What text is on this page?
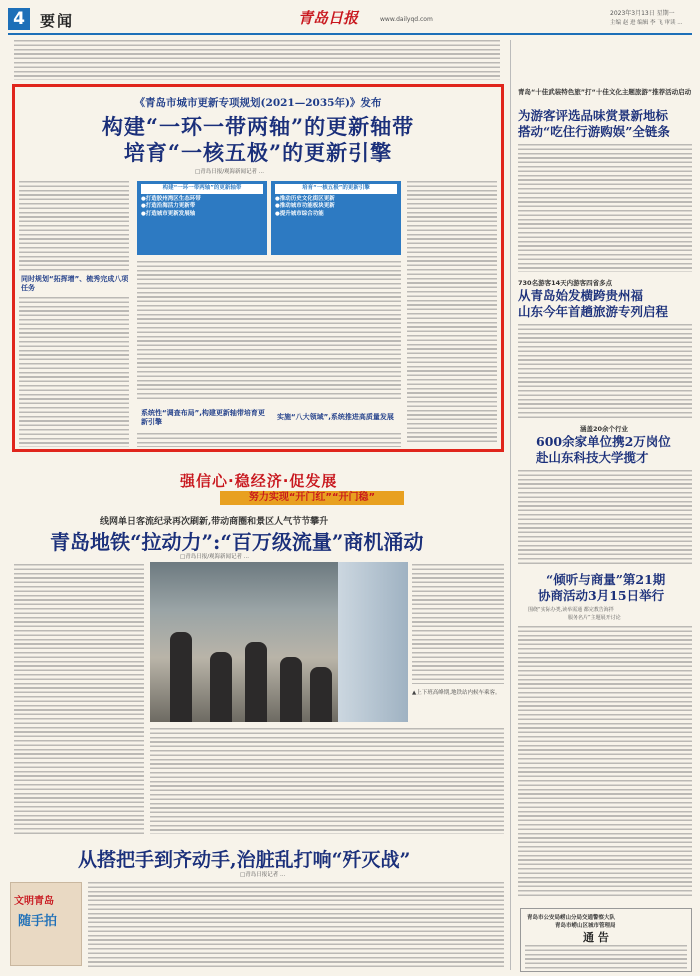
4	要闻	青岛日报	www.dailyqd.com
2023年3月13日 星期一
主编 赵 进 编辑 李 飞 审读 ...
《青岛市城市更新专项规划(2021—2035年)》发布
构建“一环一带两轴”的更新轴带
培育“一核五极”的更新引擎
□青岛日报/观海新闻记者 ...
同时规划“拓挥增”、梳秀完成八项任务
构建“一环一带两轴”的更新轴带
●打造胶州湾区生态环带
●打造沿海活力更新带
●打造城市更新发展轴
培育“一核五极”的更新引擎
●推动历史文化街区更新
●推动城市功能板块更新
●提升城市综合功能
系统性“调查布局”,构建更新轴带培育更新引擎
实施“八大领域”,系统推进高质量发展
强信心·稳经济·促发展
努力实现“开门红”“开门稳”
线网单日客流纪录再次刷新,带动商圈和景区人气节节攀升
青岛地铁“拉动力”:“百万级流量”商机涌动
□青岛日报/观海新闻记者 ...
▲上下班高峰期,地铁站内候车乘客。
从搭把手到齐动手,治脏乱打响“歼灭战”
□青岛日报记者 ...
文明青岛
随手拍
青岛“十佳武装特色旅”打“十佳文化主题旅游”推荐活动启动
为游客评选品味赏景新地标
搭动“吃住行游购娱”全链条
730名游客14天内游客四省多点
从青岛始发横跨贵州福
山东今年首趟旅游专列启程
涵盖20余个行业
600余家单位携2万岗位
赴山东科技大学揽才
“倾听与商量”第21期
协商活动3月15日举行
围绕“实际办类,读举需通 都完教告海拌
服务名片”主题展开讨论
青岛市公安局崂山分局交通警察大队
青岛市崂山区城市管理局
通 告
